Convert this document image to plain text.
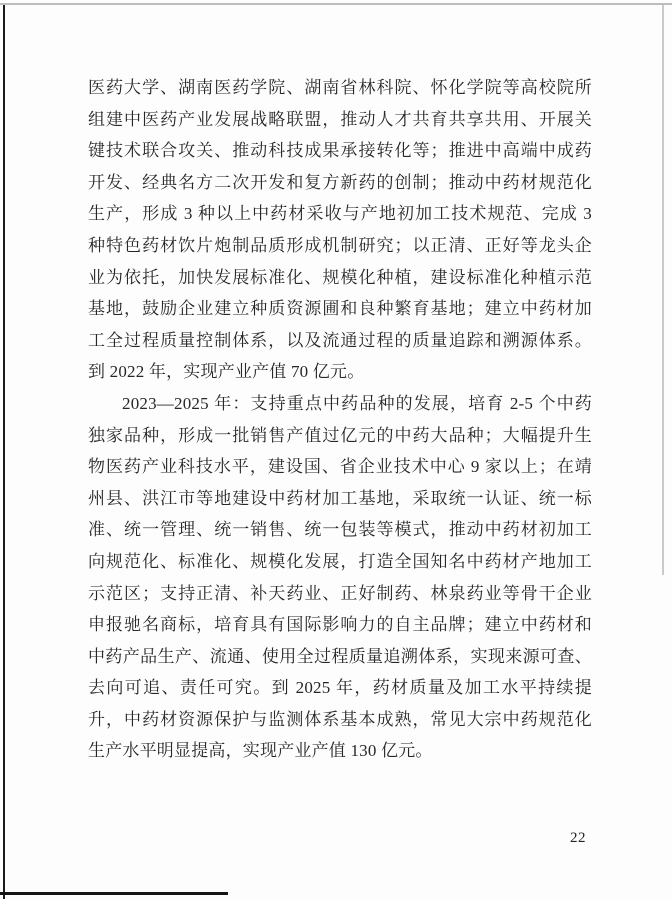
医药大学、湖南医药学院、湖南省林科院、怀化学院等高校院所
组建中医药产业发展战略联盟，推动人才共育共享共用、开展关
键技术联合攻关、推动科技成果承接转化等；推进中高端中成药
开发、经典名方二次开发和复方新药的创制；推动中药材规范化
生产，形成 3 种以上中药材采收与产地初加工技术规范、完成 3
种特色药材饮片炮制品质形成机制研究；以正清、正好等龙头企
业为依托，加快发展标准化、规模化种植，建设标准化种植示范
基地，鼓励企业建立种质资源圃和良种繁育基地；建立中药材加
工全过程质量控制体系，以及流通过程的质量追踪和溯源体系。
到 2022 年，实现产业产值 70 亿元。
2023—2025 年：支持重点中药品种的发展，培育 2-5 个中药
独家品种，形成一批销售产值过亿元的中药大品种；大幅提升生
物医药产业科技水平，建设国、省企业技术中心 9 家以上；在靖
州县、洪江市等地建设中药材加工基地，采取统一认证、统一标
准、统一管理、统一销售、统一包装等模式，推动中药材初加工
向规范化、标准化、规模化发展，打造全国知名中药材产地加工
示范区；支持正清、补天药业、正好制药、林泉药业等骨干企业
申报驰名商标，培育具有国际影响力的自主品牌；建立中药材和
中药产品生产、流通、使用全过程质量追溯体系，实现来源可查、
去向可追、责任可究。到 2025 年，药材质量及加工水平持续提
升，中药材资源保护与监测体系基本成熟，常见大宗中药规范化
生产水平明显提高，实现产业产值 130 亿元。
22
